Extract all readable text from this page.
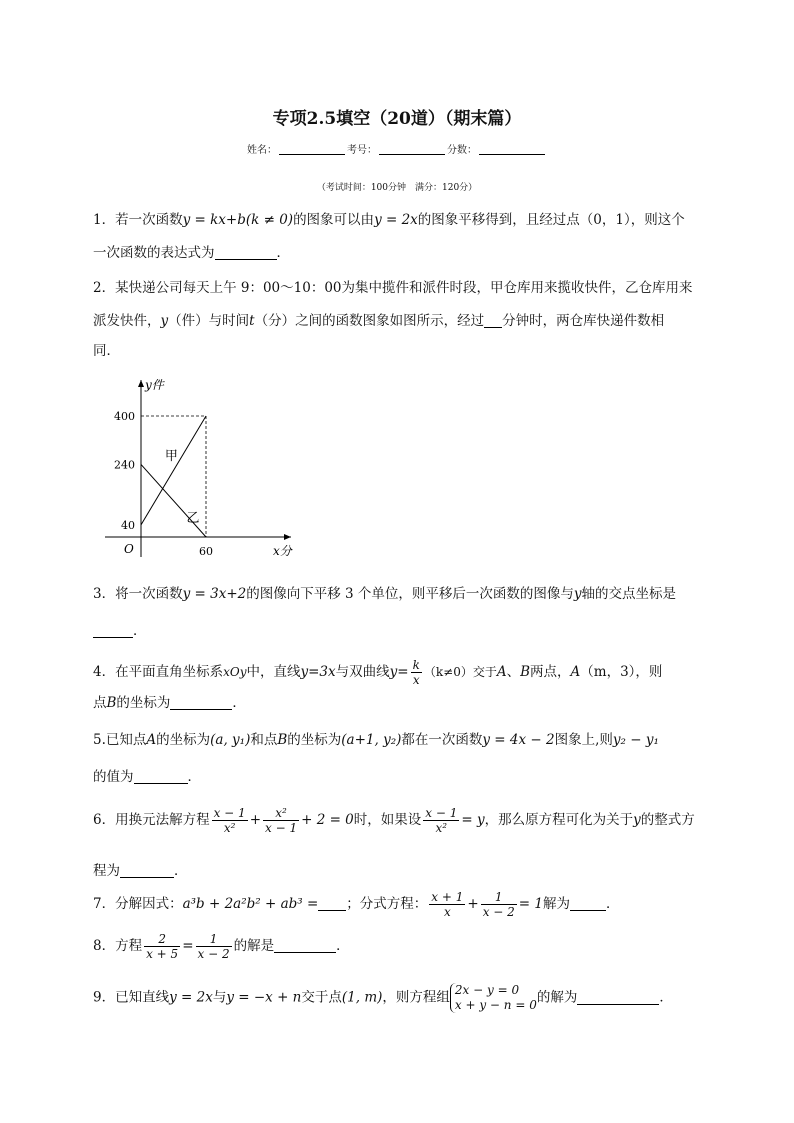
专项2.5填空（20道）（期末篇）
姓名：	考号：	分数：
（考试时间：100分钟　满分：120分）
1．若一次函数y = kx+b(k ≠ 0)的图象可以由y = 2x的图象平移得到，且经过点（0，1），则这个
一次函数的表达式为	．
2．某快递公司每天上午 9：00～10：00为集中揽件和派件时段，甲仓库用来揽收快件，乙仓库用来
派发快件，y（件）与时间t（分）之间的函数图象如图所示，经过 分钟时，两仓库快递件数相
同．
甲
乙
40
240
400
60
O	x分
y件
3．将一次函数y = 3x+2的图像向下平移 3 个单位，则平移后一次函数的图像与y轴的交点坐标是
．
4．在平面直角坐标系xOy中，直线y=3x与双曲线$y= \frac{k}{x} (k\ne 0)$交于A、B两点，A（m，3），则
点B的坐标为	．
5.已知点A的坐标为(a, y₁)和点B的坐标为(a+1, y₂)都在一次函数y = 4x − 2图象上,则y₂ − y₁
的值为	．
6．用换元法解方程 $\frac{x - 1}{\text{x²}} + \frac{\text{x²}}{x - 1} + 2 = 0$时，如果设 $\frac{x - 1}{\text{x²}} = y$，那么原方程可化为关于y的整式方
程为	．
7．分解因式：a³b + 2a²b² + ab³ = ；分式方程： $\frac{x + 1}{x} + \frac{1}{x - 2} = 1$解为	．
8．方程 $\frac{2}{x + 5} = \frac{1}{x - 2}$ 的解是	．
9．已知直线y = 2x与y = −x + n交于点(1, m)，则方程组 2x − y = 0
x + y − n = 0 的解为	．
